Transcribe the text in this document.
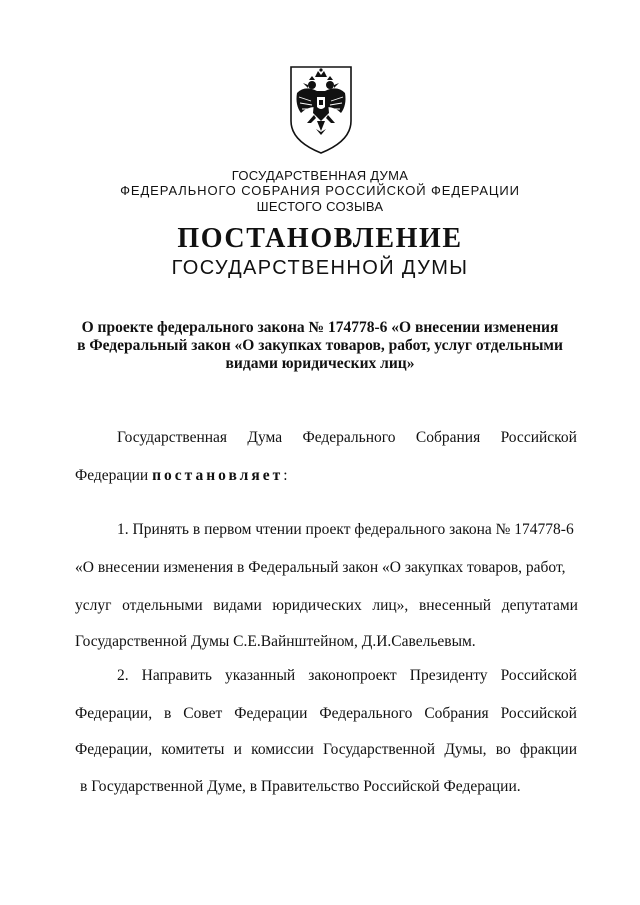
ГОСУДАРСТВЕННАЯ ДУМА
ФЕДЕРАЛЬНОГО СОБРАНИЯ РОССИЙСКОЙ ФЕДЕРАЦИИ
ШЕСТОГО СОЗЫВА
ПОСТАНОВЛЕНИЕ
ГОСУДАРСТВЕННОЙ ДУМЫ
О проекте федерального закона № 174778-6 «О внесении изменения
в Федеральный закон «О закупках товаров, работ, услуг отдельными
видами юридических лиц»
Государственная Дума Федерального Собрания Российской
Федерации постановляет:
1. Принять в первом чтении проект федерального закона № 174778-6
«О внесении изменения в Федеральный закон «О закупках товаров, работ,
услуг отдельными видами юридических лиц», внесенный депутатами
Государственной Думы С.Е.Вайнштейном, Д.И.Савельевым.
2. Направить указанный законопроект Президенту Российской
Федерации, в Совет Федерации Федерального Собрания Российской
Федерации, комитеты и комиссии Государственной Думы, во фракции
в Государственной Думе, в Правительство Российской Федерации.
